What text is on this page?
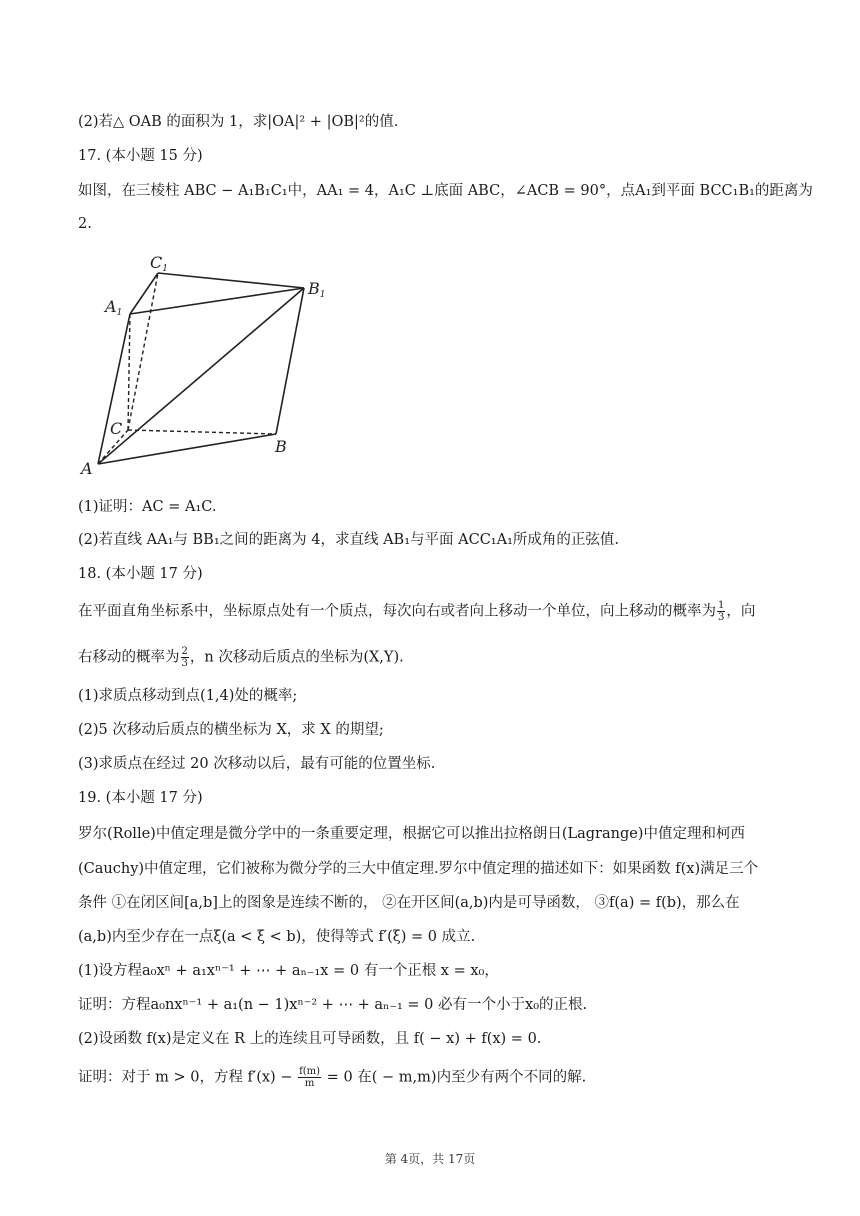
(2)若△ OAB 的面积为 1，求|OA|² + |OB|²的值.
17. (本小题 15 分)
如图，在三棱柱 ABC − A₁B₁C₁中，AA₁ = 4，A₁C ⊥底面 ABC，∠ACB = 90°，点A₁到平面 BCC₁B₁的距离为
2.
C1
A1
B1
C
A
B
(1)证明：AC = A₁C.
(2)若直线 AA₁与 BB₁之间的距离为 4，求直线 AB₁与平面 ACC₁A₁所成角的正弦值.
18. (本小题 17 分)
在平面直角坐标系中，坐标原点处有一个质点，每次向右或者向上移动一个单位，向上移动的概率为 $\frac{1}{3}$ ，向
右移动的概率为 $\frac{2}{3}$ ，n 次移动后质点的坐标为(X,Y).
(1)求质点移动到点(1,4)处的概率;
(2)5 次移动后质点的横坐标为 X，求 X 的期望;
(3)求质点在经过 20 次移动以后，最有可能的位置坐标.
19. (本小题 17 分)
罗尔(Rolle)中值定理是微分学中的一条重要定理，根据它可以推出拉格朗日(Lagrange)中值定理和柯西
(Cauchy)中值定理，它们被称为微分学的三大中值定理.罗尔中值定理的描述如下：如果函数 f(x)满足三个
条件 ①在闭区间[a,b]上的图象是连续不断的， ②在开区间(a,b)内是可导函数， ③f(a) = f(b)，那么在
(a,b)内至少存在一点ξ(a < ξ < b)，使得等式 f′(ξ) = 0 成立.
(1)设方程a₀xⁿ + a₁xⁿ⁻¹ + ⋯ + aₙ₋₁x = 0 有一个正根 x = x₀，
证明：方程a₀nxⁿ⁻¹ + a₁(n − 1)xⁿ⁻² + ⋯ + aₙ₋₁ = 0 必有一个小于x₀的正根.
(2)设函数 f(x)是定义在 R 上的连续且可导函数，且 f( − x) + f(x) = 0.
证明：对于 m > 0，方程 $f'(x) - \frac{f(m)}{m} = 0$ 在( − m,m)内至少有两个不同的解.
第 4页，共 17页
